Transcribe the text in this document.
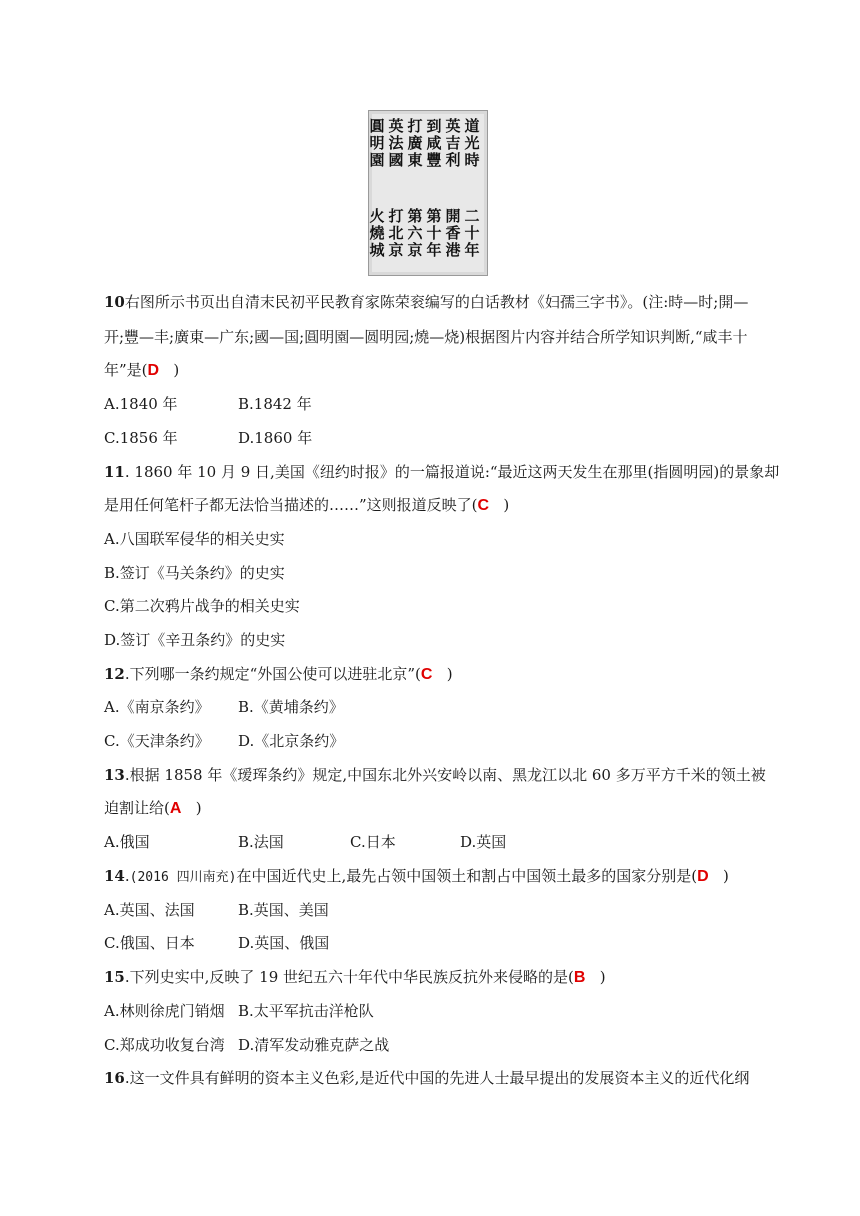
道
光
時
英
吉
利
到
咸
豐
打
廣
東
英
法
國
圓
明
園
二
十
年
開
香
港
第
十
年
第
六
京
打
北
京
火
燒
城
10右图所示书页出自清末民初平民教育家陈荣衮编写的白话教材《妇孺三字书》。(注:時—时;開—
开;豐—丰;廣東—广东;國—国;圓明園—圆明园;燒—烧)根据图片内容并结合所学知识判断,“咸丰十
年”是(D )
A.1840 年	B.1842 年
C.1856 年	D.1860 年
11. 1860 年 10 月 9 日,美国《纽约时报》的一篇报道说:“最近这两天发生在那里(指圆明园)的景象却
是用任何笔杆子都无法恰当描述的……”这则报道反映了(C )
A.八国联军侵华的相关史实
B.签订《马关条约》的史实
C.第二次鸦片战争的相关史实
D.签订《辛丑条约》的史实
12.下列哪一条约规定“外国公使可以进驻北京”(C )
A.《南京条约》 B.《黄埔条约》
C.《天津条约》 D.《北京条约》
13.根据 1858 年《瑷珲条约》规定,中国东北外兴安岭以南、黑龙江以北 60 多万平方千米的领土被
迫割让给(A )
A.俄国	B.法国	C.日本	D.英国
14.(2016 四川南充)在中国近代史上,最先占领中国领土和割占中国领土最多的国家分别是(D )
A.英国、法国	B.英国、美国
C.俄国、日本	D.英国、俄国
15.下列史实中,反映了 19 世纪五六十年代中华民族反抗外来侵略的是(B )
A.林则徐虎门销烟 B.太平军抗击洋枪队
C.郑成功收复台湾 D.清军发动雅克萨之战
16.这一文件具有鲜明的资本主义色彩,是近代中国的先进人士最早提出的发展资本主义的近代化纲
